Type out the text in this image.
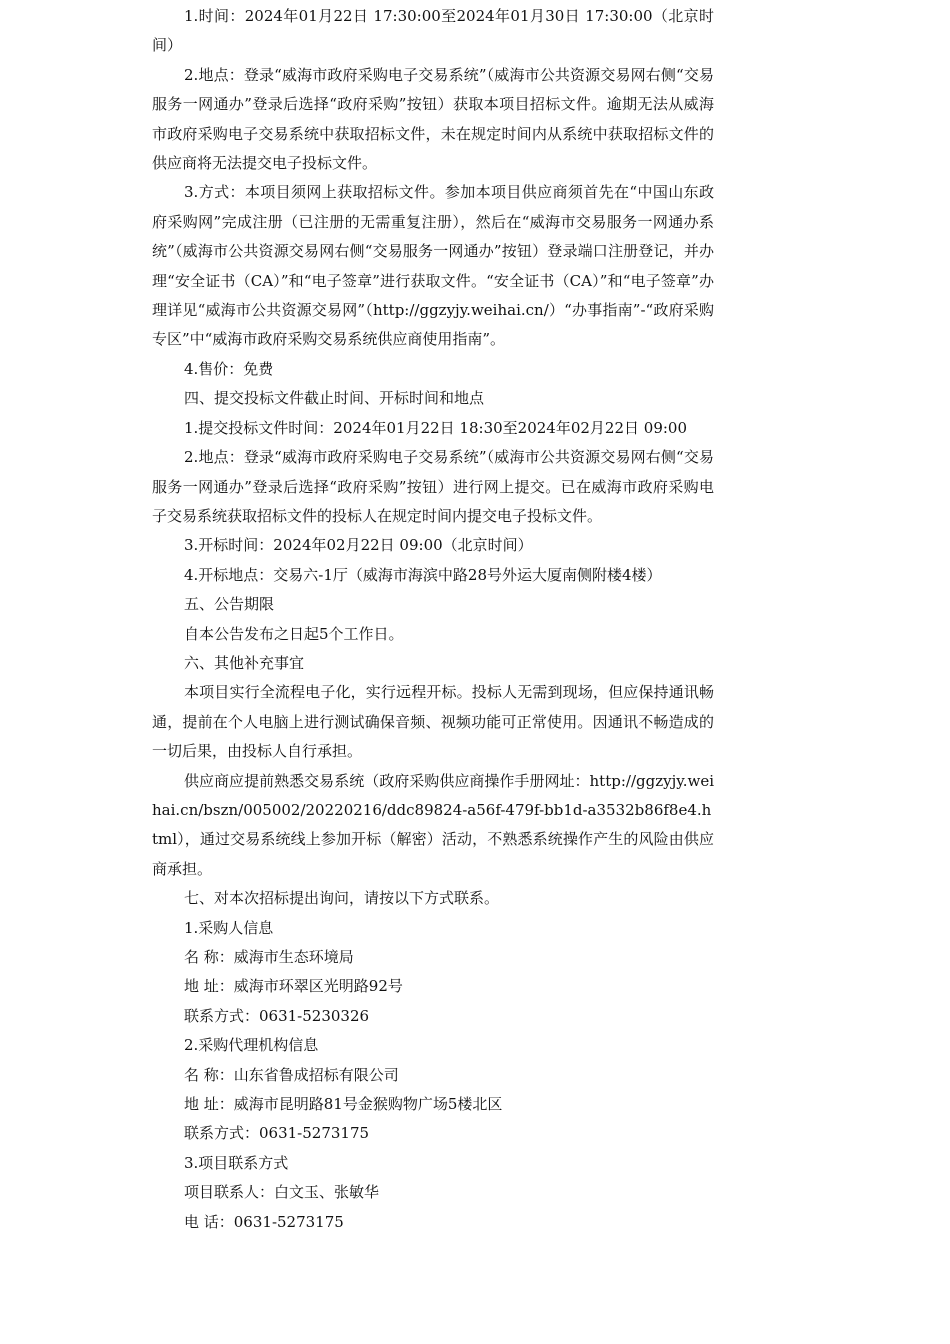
1.时间：2024年01月22日 17:30:00至2024年01月30日 17:30:00（北京时间）

2.地点：登录“威海市政府采购电子交易系统”（威海市公共资源交易网右侧“交易服务一网通办”登录后选择“政府采购”按钮）获取本项目招标文件。逾期无法从威海市政府采购电子交易系统中获取招标文件，未在规定时间内从系统中获取招标文件的供应商将无法提交电子投标文件。

3.方式：本项目须网上获取招标文件。参加本项目供应商须首先在“中国山东政府采购网”完成注册（已注册的无需重复注册），然后在“威海市交易服务一网通办系统”（威海市公共资源交易网右侧“交易服务一网通办”按钮）登录端口注册登记，并办理“安全证书（CA）”和“电子签章”进行获取文件。“安全证书（CA）”和“电子签章”办理详见“威海市公共资源交易网”（http://ggzyjy.weihai.cn/）“办事指南”-“政府采购专区”中“威海市政府采购交易系统供应商使用指南”。

4.售价：免费

四、提交投标文件截止时间、开标时间和地点

1.提交投标文件时间：2024年01月22日 18:30至2024年02月22日 09:00

2.地点：登录“威海市政府采购电子交易系统”（威海市公共资源交易网右侧“交易服务一网通办”登录后选择“政府采购”按钮）进行网上提交。已在威海市政府采购电子交易系统获取招标文件的投标人在规定时间内提交电子投标文件。

3.开标时间：2024年02月22日 09:00（北京时间）

4.开标地点：交易六-1厅（威海市海滨中路28号外运大厦南侧附楼4楼）

五、公告期限

自本公告发布之日起5个工作日。

六、其他补充事宜

本项目实行全流程电子化，实行远程开标。投标人无需到现场，但应保持通讯畅通，提前在个人电脑上进行测试确保音频、视频功能可正常使用。因通讯不畅造成的一切后果，由投标人自行承担。

供应商应提前熟悉交易系统（政府采购供应商操作手册网址：http://ggzyjy.weihai.cn/bszn/005002/20220216/ddc89824-a56f-479f-bb1d-a3532b86f8e4.html），通过交易系统线上参加开标（解密）活动，不熟悉系统操作产生的风险由供应商承担。

七、对本次招标提出询问，请按以下方式联系。

1.采购人信息

名 称：威海市生态环境局

地 址：威海市环翠区光明路92号

联系方式：0631-5230326

2.采购代理机构信息

名 称：山东省鲁成招标有限公司

地 址：威海市昆明路81号金猴购物广场5楼北区

联系方式：0631-5273175

3.项目联系方式

项目联系人：白文玉、张敏华

电 话：0631-5273175
